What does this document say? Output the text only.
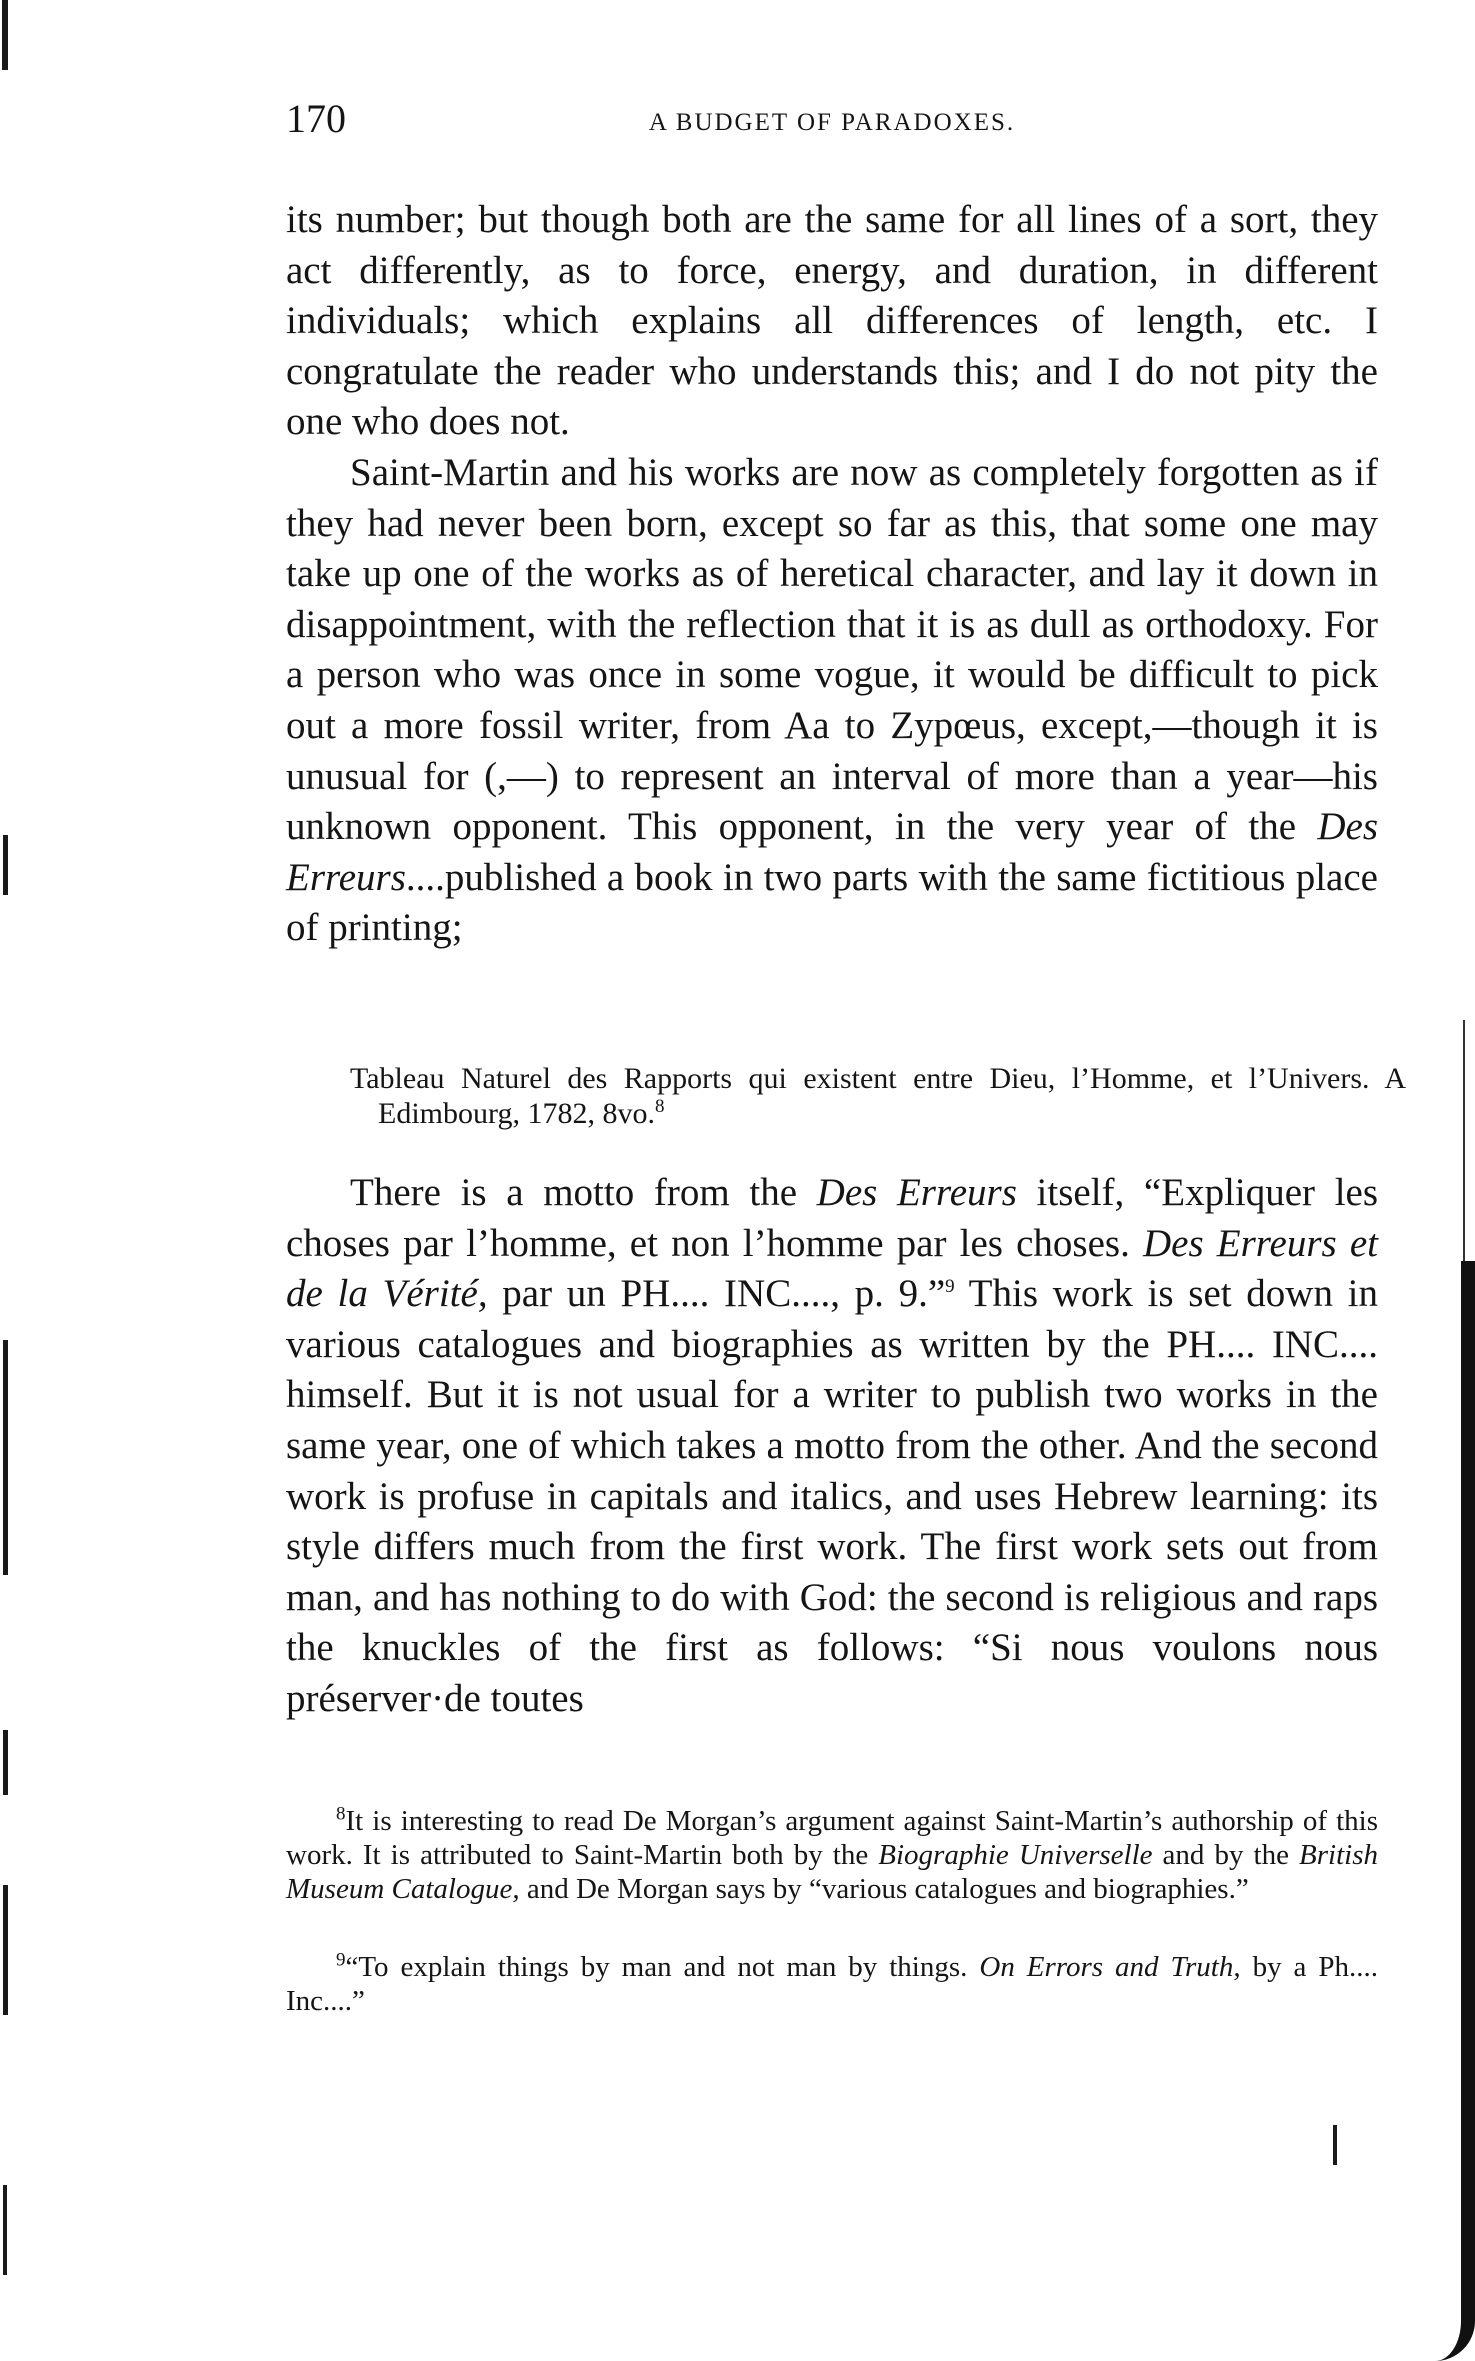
170	A BUDGET OF PARADOXES.

its number; but though both are the same for all lines of a sort, they act differently, as to force, energy, and duration, in different individuals; which explains all differences of length, etc. I congratulate the reader who understands this; and I do not pity the one who does not.

Saint-Martin and his works are now as completely forgotten as if they had never been born, except so far as this, that some one may take up one of the works as of heretical character, and lay it down in disappointment, with the reflection that it is as dull as orthodoxy. For a person who was once in some vogue, it would be difficult to pick out a more fossil writer, from Aa to Zypœus, except,—though it is unusual for (,—) to represent an interval of more than a year—his unknown opponent. This opponent, in the very year of the Des Erreurs....published a book in two parts with the same fictitious place of printing;

Tableau Naturel des Rapports qui existent entre Dieu, l’Homme, et l’Univers. A Edimbourg, 1782, 8vo.$^8$

There is a motto from the Des Erreurs itself, “Expliquer les choses par l’homme, et non l’homme par les choses. Des Erreurs et de la Vérité, par un PH.... INC...., p. 9.”$^9$ This work is set down in various catalogues and biographies as written by the PH.... INC.... himself. But it is not usual for a writer to publish two works in the same year, one of which takes a motto from the other. And the second work is profuse in capitals and italics, and uses Hebrew learning: its style differs much from the first work. The first work sets out from man, and has nothing to do with God: the second is religious and raps the knuckles of the first as follows: “Si nous voulons nous préserver·de toutes

$^8$It is interesting to read De Morgan’s argument against Saint-Martin’s authorship of this work. It is attributed to Saint-Martin both by the Biographie Universelle and by the British Museum Catalogue, and De Morgan says by “various catalogues and biographies.”

$^9$“To explain things by man and not man by things. On Errors and Truth, by a Ph.... Inc....”
